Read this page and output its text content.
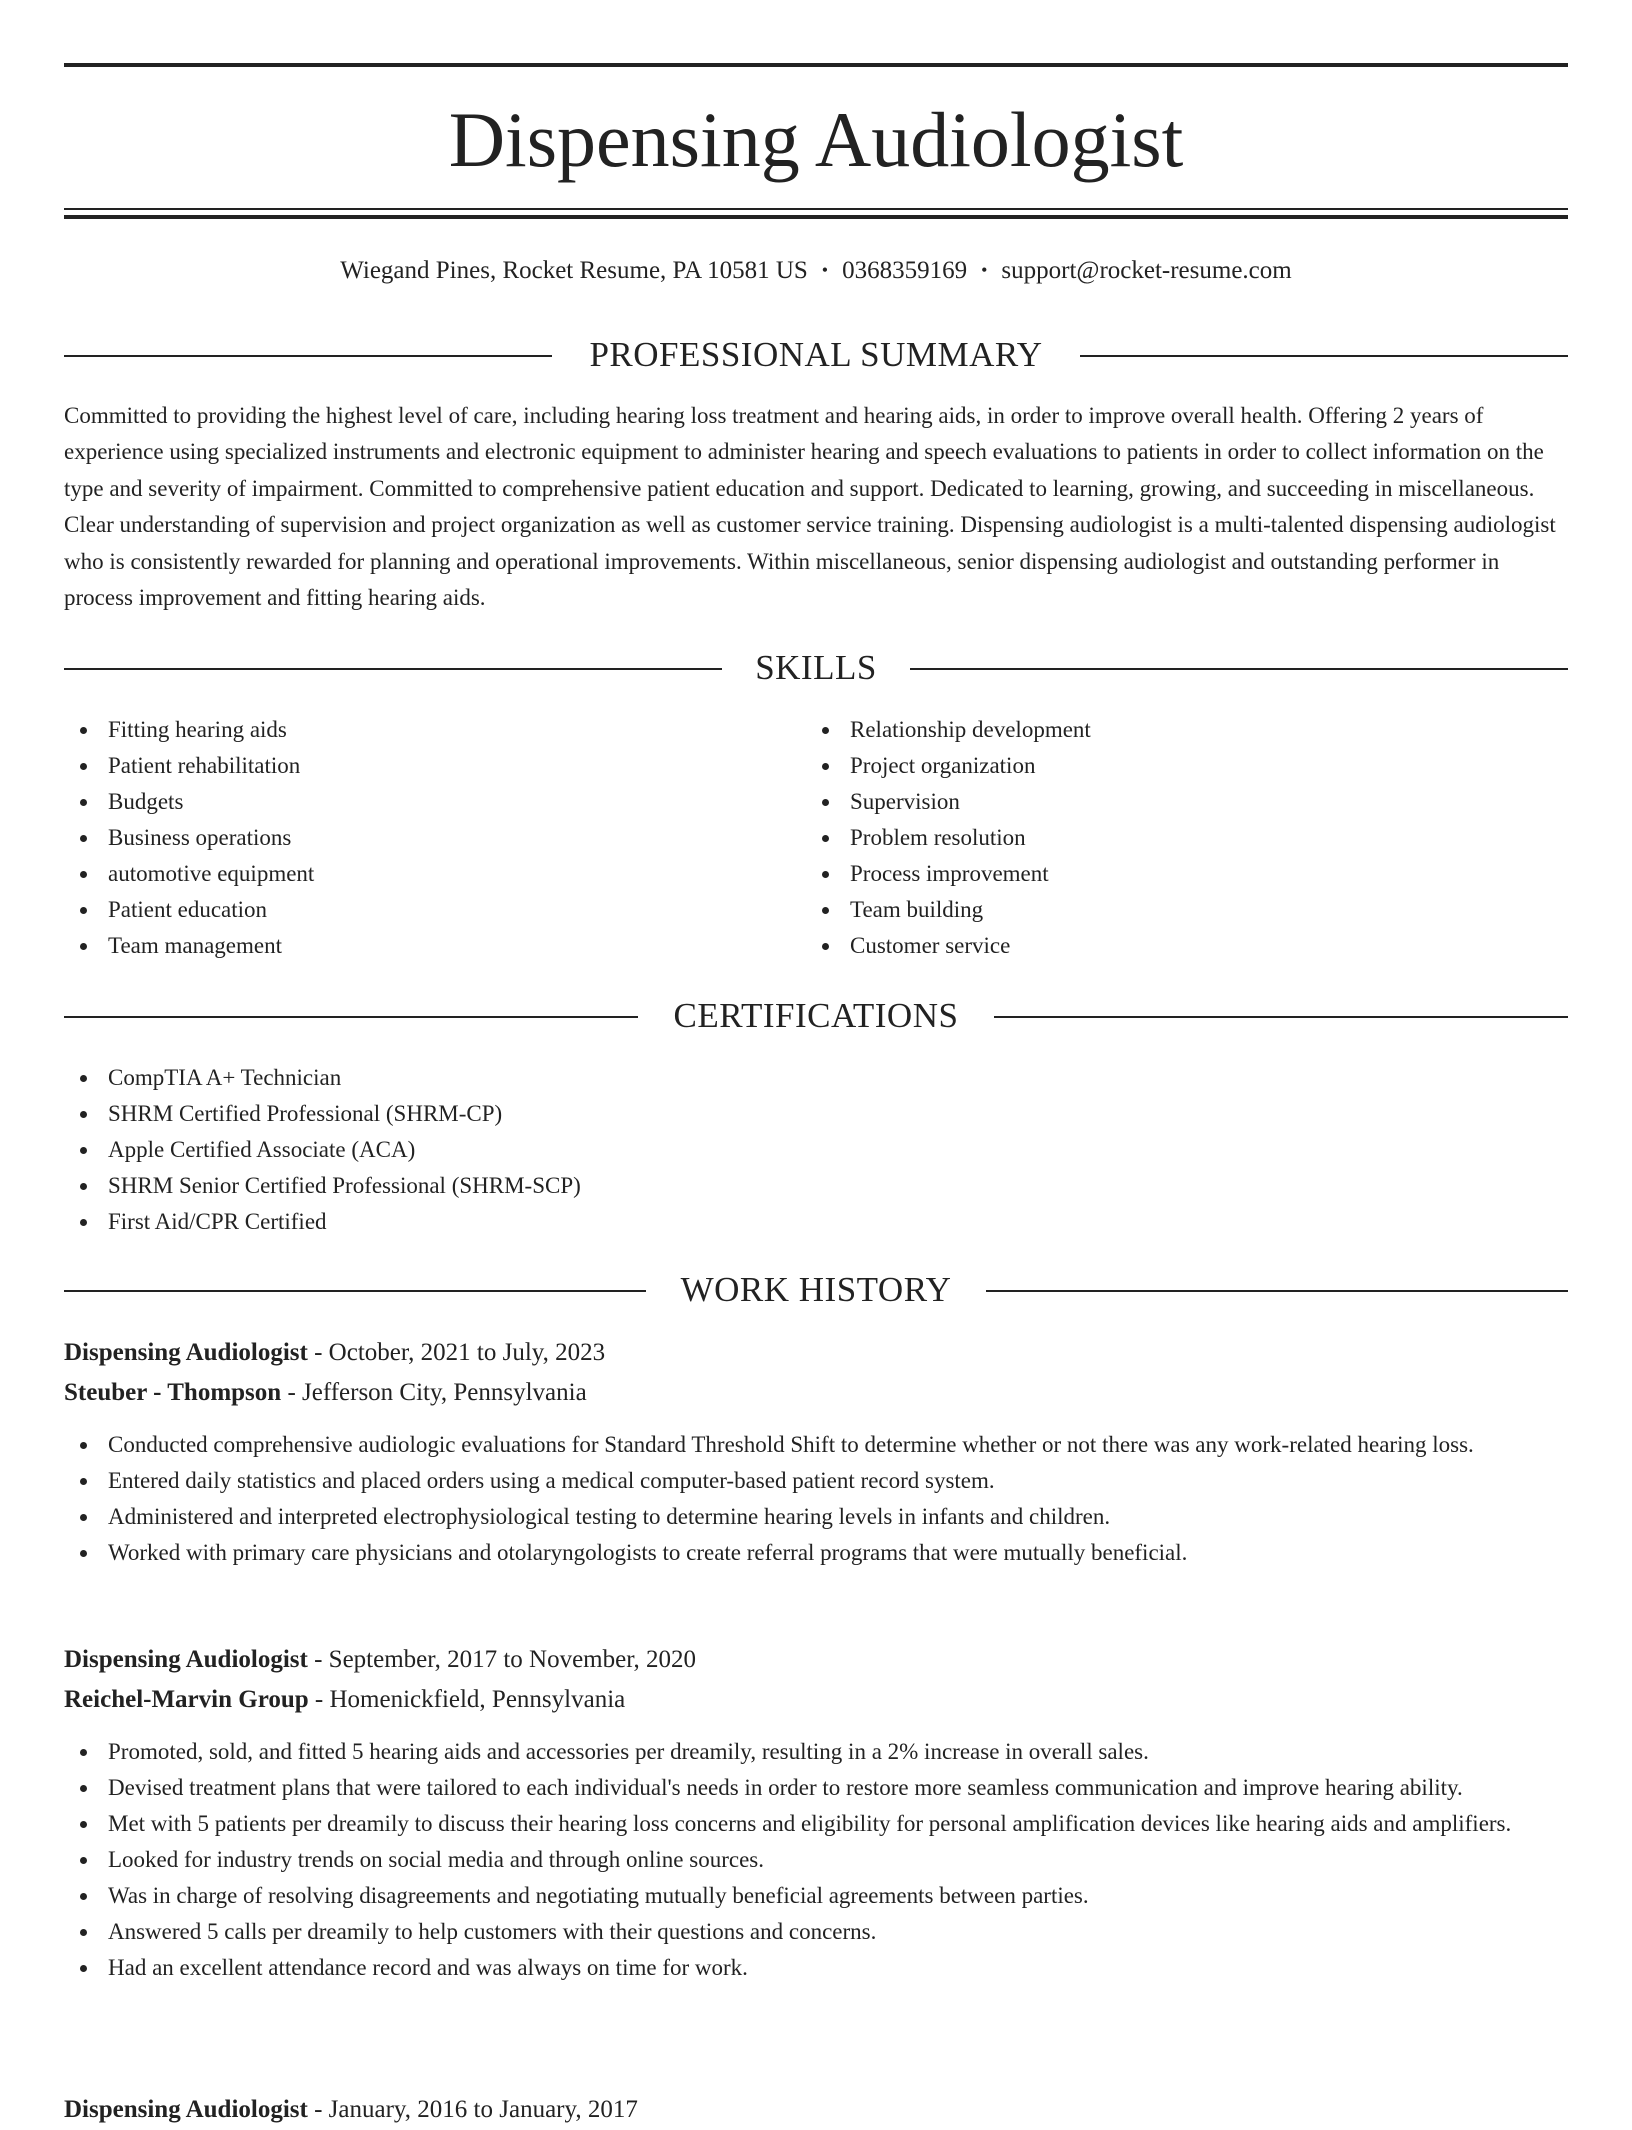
Dispensing Audiologist
Wiegand Pines, Rocket Resume, PA 10581 US • 0368359169 • support@rocket-resume.com
PROFESSIONAL SUMMARY
Committed to providing the highest level of care, including hearing loss treatment and hearing aids, in order to improve overall health. Offering 2 years of experience using specialized instruments and electronic equipment to administer hearing and speech evaluations to patients in order to collect information on the type and severity of impairment. Committed to comprehensive patient education and support. Dedicated to learning, growing, and succeeding in miscellaneous. Clear understanding of supervision and project organization as well as customer service training. Dispensing audiologist is a multi-talented dispensing audiologist who is consistently rewarded for planning and operational improvements. Within miscellaneous, senior dispensing audiologist and outstanding performer in process improvement and fitting hearing aids.
SKILLS
Fitting hearing aids
Patient rehabilitation
Budgets
Business operations
automotive equipment
Patient education
Team management
Relationship development
Project organization
Supervision
Problem resolution
Process improvement
Team building
Customer service
CERTIFICATIONS
CompTIA A+ Technician
SHRM Certified Professional (SHRM-CP)
Apple Certified Associate (ACA)
SHRM Senior Certified Professional (SHRM-SCP)
First Aid/CPR Certified
WORK HISTORY
Dispensing Audiologist - October, 2021 to July, 2023
Steuber - Thompson - Jefferson City, Pennsylvania
Conducted comprehensive audiologic evaluations for Standard Threshold Shift to determine whether or not there was any work-related hearing loss.
Entered daily statistics and placed orders using a medical computer-based patient record system.
Administered and interpreted electrophysiological testing to determine hearing levels in infants and children.
Worked with primary care physicians and otolaryngologists to create referral programs that were mutually beneficial.
Dispensing Audiologist - September, 2017 to November, 2020
Reichel-Marvin Group - Homenickfield, Pennsylvania
Promoted, sold, and fitted 5 hearing aids and accessories per dreamily, resulting in a 2% increase in overall sales.
Devised treatment plans that were tailored to each individual's needs in order to restore more seamless communication and improve hearing ability.
Met with 5 patients per dreamily to discuss their hearing loss concerns and eligibility for personal amplification devices like hearing aids and amplifiers.
Looked for industry trends on social media and through online sources.
Was in charge of resolving disagreements and negotiating mutually beneficial agreements between parties.
Answered 5 calls per dreamily to help customers with their questions and concerns.
Had an excellent attendance record and was always on time for work.
Dispensing Audiologist - January, 2016 to January, 2017
